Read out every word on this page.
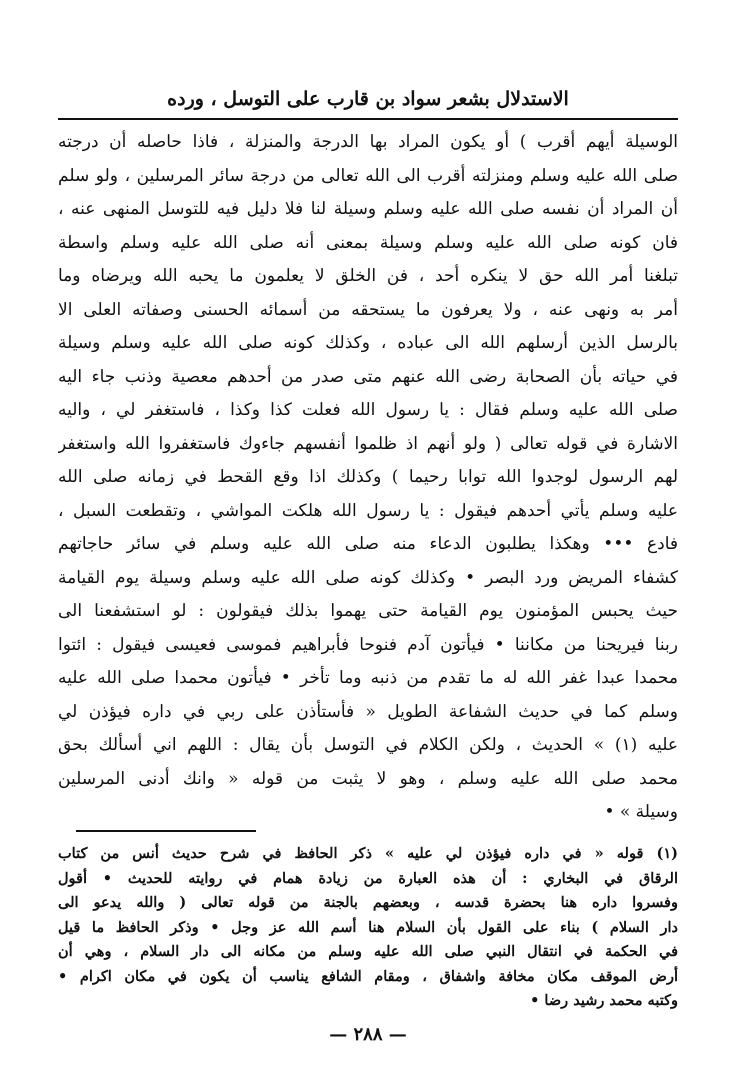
الاستدلال بشعر سواد بن قارب على التوسل ، ورده
الوسيلة أيهم أقرب ) أو يكون المراد بها الدرجة والمنزلة ، فاذا حاصله أن درجته
صلى الله عليه وسلم ومنزلته أقرب الى الله تعالى من درجة سائر المرسلين ، ولو سلم
أن المراد أن نفسه صلى الله عليه وسلم وسيلة لنا فلا دليل فيه للتوسل المنهى عنه ،
فان كونه صلى الله عليه وسلم وسيلة بمعنى أنه صلى الله عليه وسلم واسطة
تبلغنا أمر الله حق لا ينكره أحد ، فن الخلق لا يعلمون ما يحبه الله ويرضاه وما
أمر به ونهى عنه ، ولا يعرفون ما يستحقه من أسمائه الحسنى وصفاته العلى الا
بالرسل الذين أرسلهم الله الى عباده ، وكذلك كونه صلى الله عليه وسلم وسيلة
في حياته بأن الصحابة رضى الله عنهم متى صدر من أحدهم معصية وذنب جاء اليه
صلى الله عليه وسلم فقال : يا رسول الله فعلت كذا وكذا ، فاستغفر لي ، واليه
الاشارة في قوله تعالى ( ولو أنهم اذ ظلموا أنفسهم جاءوك فاستغفروا الله واستغفر
لهم الرسول لوجدوا الله توابا رحيما ) وكذلك اذا وقع القحط في زمانه صلى الله
عليه وسلم يأتي أحدهم فيقول : يا رسول الله هلكت المواشي ، وتقطعت السبل ،
فادع ••• وهكذا يطلبون الدعاء منه صلى الله عليه وسلم في سائر حاجاتهم
كشفاء المريض ورد البصر • وكذلك كونه صلى الله عليه وسلم وسيلة يوم القيامة
حيث يحبس المؤمنون يوم القيامة حتى يهموا بذلك فيقولون : لو استشفعنا الى
ربنا فيريحنا من مكاننا • فيأتون آدم فنوحا فأبراهيم فموسى فعيسى فيقول : ائتوا
محمدا عبدا غفر الله له ما تقدم من ذنبه وما تأخر • فيأتون محمدا صلى الله عليه
وسلم كما في حديث الشفاعة الطويل « فأستأذن على ربي في داره فيؤذن لي
عليه (١) » الحديث ، ولكن الكلام في التوسل بأن يقال : اللهم اني أسألك بحق
محمد صلى الله عليه وسلم ، وهو لا يثبت من قوله « وانك أدنى المرسلين
وسيلة » •
(١) قوله « في داره فيؤذن لي عليه » ذكر الحافظ في شرح حديث أنس من كتاب
الرقاق في البخاري : أن هذه العبارة من زيادة همام في روايته للحديث • أقول
وفسروا داره هنا بحضرة قدسه ، وبعضهم بالجنة من قوله تعالى ( والله يدعو الى
دار السلام ) بناء على القول بأن السلام هنا أسم الله عز وجل • وذكر الحافظ ما قيل
في الحكمة في انتقال النبي صلى الله عليه وسلم من مكانه الى دار السلام ، وهي أن
أرض الموقف مكان مخافة واشفاق ، ومقام الشافع يناسب أن يكون في مكان اكرام •
وكتبه محمد رشيد رضا •
— ٢٨٨ —
